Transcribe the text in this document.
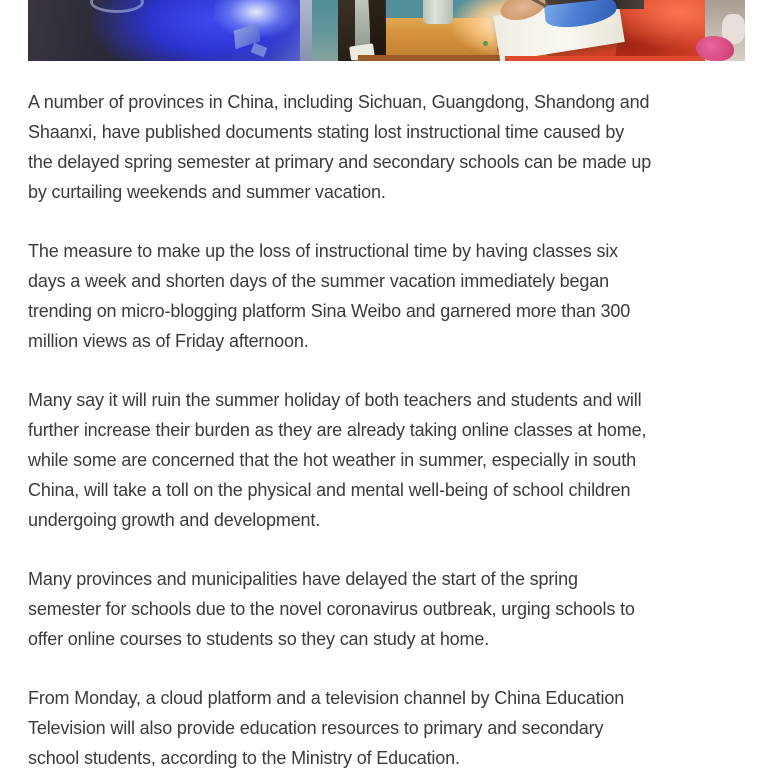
A number of provinces in China, including Sichuan, Guangdong, Shandong and
Shaanxi, have published documents stating lost instructional time caused by
the delayed spring semester at primary and secondary schools can be made up
by curtailing weekends and summer vacation.

The measure to make up the loss of instructional time by having classes six
days a week and shorten days of the summer vacation immediately began
trending on micro-blogging platform Sina Weibo and garnered more than 300
million views as of Friday afternoon.

Many say it will ruin the summer holiday of both teachers and students and will
further increase their burden as they are already taking online classes at home,
while some are concerned that the hot weather in summer, especially in south
China, will take a toll on the physical and mental well-being of school children
undergoing growth and development.

Many provinces and municipalities have delayed the start of the spring
semester for schools due to the novel coronavirus outbreak, urging schools to
offer online courses to students so they can study at home.

From Monday, a cloud platform and a television channel by China Education
Television will also provide education resources to primary and secondary
school students, according to the Ministry of Education.
